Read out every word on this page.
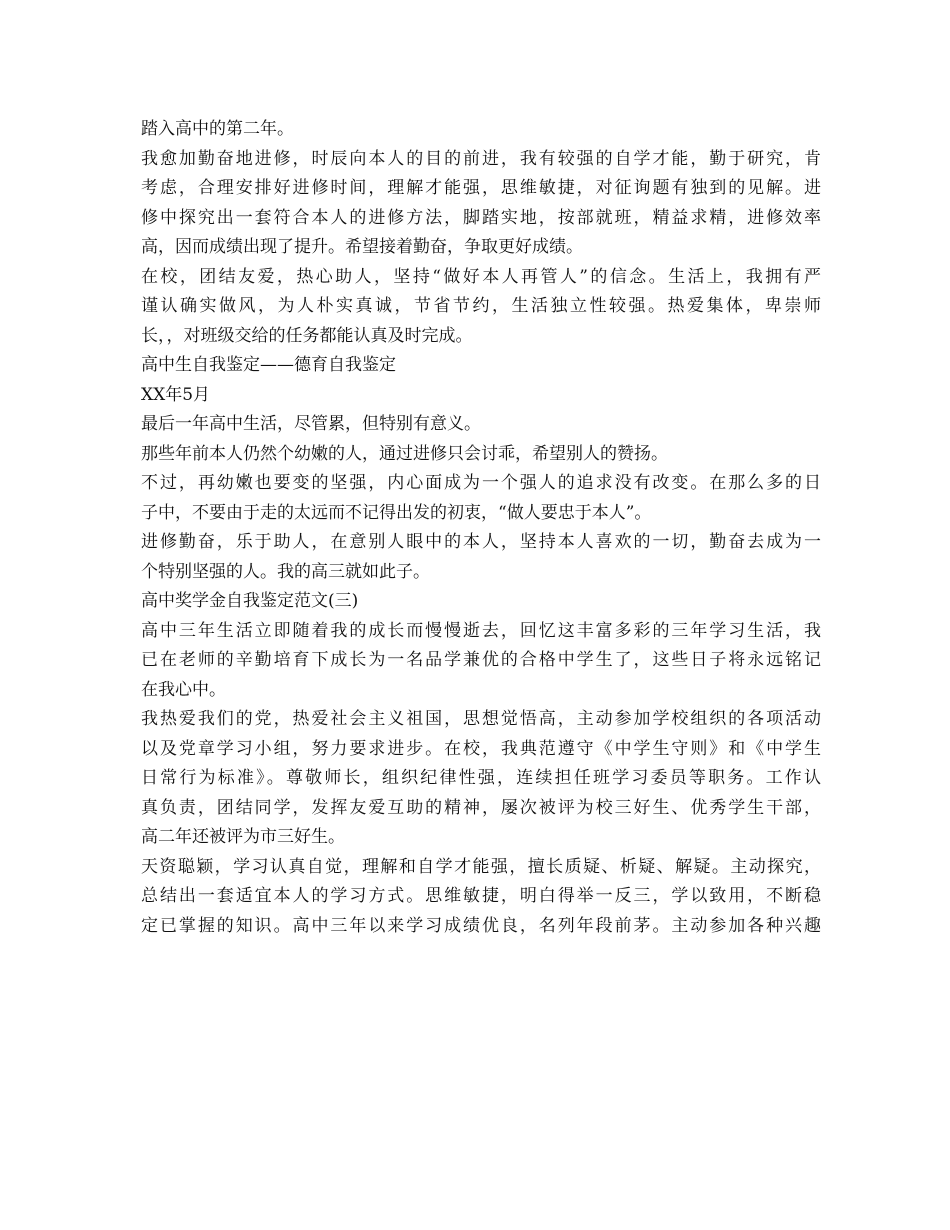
踏入高中的第二年。
我愈加勤奋地进修，时辰向本人的目的前进，我有较强的自学才能，勤于研究，肯
考虑，合理安排好进修时间，理解才能强，思维敏捷，对征询题有独到的见解。进
修中探究出一套符合本人的进修方法，脚踏实地，按部就班，精益求精，进修效率
高，因而成绩出现了提升。希望接着勤奋，争取更好成绩。
在校，团结友爱，热心助人，坚持“做好本人再管人”的信念。生活上，我拥有严
谨认确实做风，为人朴实真诚，节省节约，生活独立性较强。热爱集体，卑崇师
长，，对班级交给的任务都能认真及时完成。
高中生自我鉴定——德育自我鉴定
XX年5月
最后一年高中生活，尽管累，但特别有意义。
那些年前本人仍然个幼嫩的人，通过进修只会讨乖，希望别人的赞扬。
不过，再幼嫩也要变的坚强，内心面成为一个强人的追求没有改变。在那么多的日
子中，不要由于走的太远而不记得出发的初衷，“做人要忠于本人”。
进修勤奋，乐于助人，在意别人眼中的本人，坚持本人喜欢的一切，勤奋去成为一
个特别坚强的人。我的高三就如此子。
高中奖学金自我鉴定范文(三)
高中三年生活立即随着我的成长而慢慢逝去，回忆这丰富多彩的三年学习生活，我
已在老师的辛勤培育下成长为一名品学兼优的合格中学生了，这些日子将永远铭记
在我心中。
我热爱我们的党，热爱社会主义祖国，思想觉悟高，主动参加学校组织的各项活动
以及党章学习小组，努力要求进步。在校，我典范遵守《中学生守则》和《中学生
日常行为标准》。尊敬师长，组织纪律性强，连续担任班学习委员等职务。工作认
真负责，团结同学，发挥友爱互助的精神，屡次被评为校三好生、优秀学生干部，
高二年还被评为市三好生。
天资聪颖，学习认真自觉，理解和自学才能强，擅长质疑、析疑、解疑。主动探究，
总结出一套适宜本人的学习方式。思维敏捷，明白得举一反三，学以致用，不断稳
定已掌握的知识。高中三年以来学习成绩优良，名列年段前茅。主动参加各种兴趣
